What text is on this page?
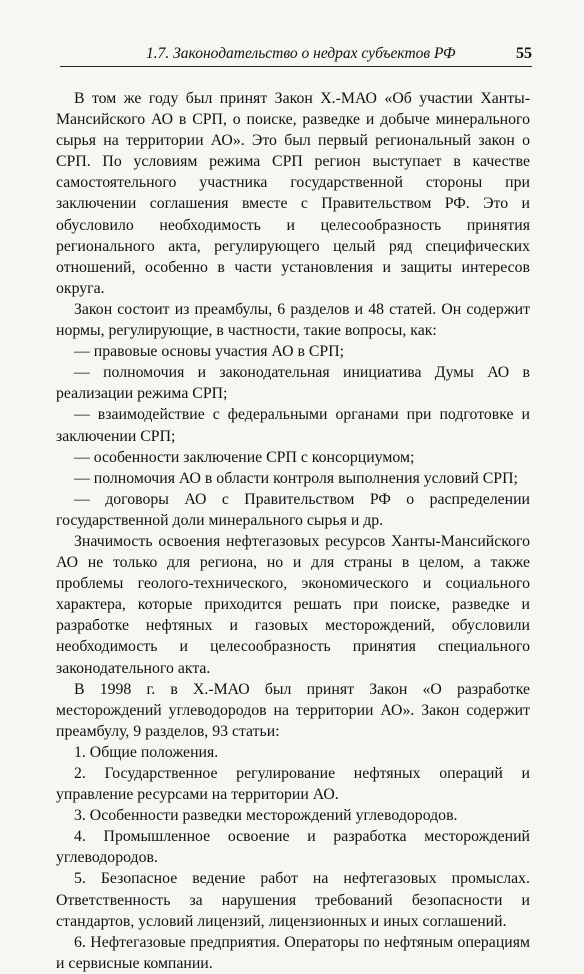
1.7. Законодательство о недрах субъектов РФ	55

В том же году был принят Закон Х.-МАО «Об участии Ханты-Мансийского АО в СРП, о поиске, разведке и добыче минерального сырья на территории АО». Это был первый региональный закон о СРП. По условиям режима СРП регион выступает в качестве самостоятельного участника государственной стороны при заключении соглашения вместе с Правительством РФ. Это и обусловило необходимость и целесообразность принятия регионального акта, регулирующего целый ряд специфических отношений, особенно в части установления и защиты интересов округа.

Закон состоит из преамбулы, 6 разделов и 48 статей. Он содержит нормы, регулирующие, в частности, такие вопросы, как:

— правовые основы участия АО в СРП;

— полномочия и законодательная инициатива Думы АО в реализации режима СРП;

— взаимодействие с федеральными органами при подготовке и заключении СРП;

— особенности заключение СРП с консорциумом;

— полномочия АО в области контроля выполнения условий СРП;

— договоры АО с Правительством РФ о распределении государственной доли минерального сырья и др.

Значимость освоения нефтегазовых ресурсов Ханты-Мансийского АО не только для региона, но и для страны в целом, а также проблемы геолого-технического, экономического и социального характера, которые приходится решать при поиске, разведке и разработке нефтяных и газовых месторождений, обусловили необходимость и целесообразность принятия специального законодательного акта.

В 1998 г. в Х.-МАО был принят Закон «О разработке месторождений углеводородов на территории АО». Закон содержит преамбулу, 9 разделов, 93 статьи:

1. Общие положения.

2. Государственное регулирование нефтяных операций и управление ресурсами на территории АО.

3. Особенности разведки месторождений углеводородов.

4. Промышленное освоение и разработка месторождений углеводородов.

5. Безопасное ведение работ на нефтегазовых промыслах. Ответственность за нарушения требований безопасности и стандартов, условий лицензий, лицензионных и иных соглашений.

6. Нефтегазовые предприятия. Операторы по нефтяным операциям и сервисные компании.
